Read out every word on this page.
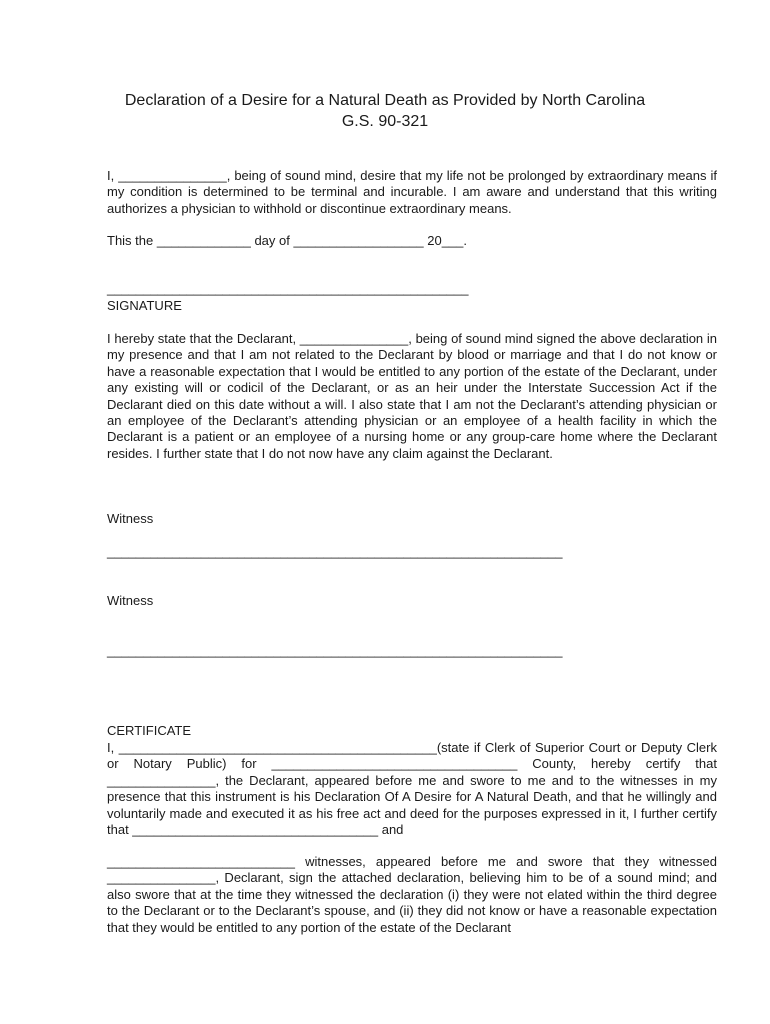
Declaration of a Desire for a Natural Death as Provided by North Carolina
G.S. 90-321
I, _______________, being of sound mind, desire that my life not be prolonged by extraordinary means if my condition is determined to be terminal and incurable. I am aware and understand that this writing authorizes a physician to withhold or discontinue extraordinary means.
This the _____________ day of __________________ 20___.
__________________________________________________
SIGNATURE
I hereby state that the Declarant, _______________, being of sound mind signed the above declaration in my presence and that I am not related to the Declarant by blood or marriage and that I do not know or have a reasonable expectation that I would be entitled to any portion of the estate of the Declarant, under any existing will or codicil of the Declarant, or as an heir under the Interstate Succession Act if the Declarant died on this date without a will. I also state that I am not the Declarant’s attending physician or an employee of the Declarant’s attending physician or an employee of a health facility in which the Declarant is a patient or an employee of a nursing home or any group-care home where the Declarant resides. I further state that I do not now have any claim against the Declarant.
Witness
_______________________________________________________________
Witness
_______________________________________________________________
CERTIFICATE
I, ____________________________________________(state if Clerk of Superior Court or Deputy Clerk or Notary Public) for __________________________________ County, hereby certify that _______________, the Declarant, appeared before me and swore to me and to the witnesses in my presence that this instrument is his Declaration Of A Desire for A Natural Death, and that he willingly and voluntarily made and executed it as his free act and deed for the purposes expressed in it, I further certify that __________________________________ and
__________________________ witnesses, appeared before me and swore that they witnessed _______________, Declarant, sign the attached declaration, believing him to be of a sound mind; and also swore that at the time they witnessed the declaration (i) they were not elated within the third degree to the Declarant or to the Declarant’s spouse, and (ii) they did not know or have a reasonable expectation that they would be entitled to any portion of the estate of the Declarant
